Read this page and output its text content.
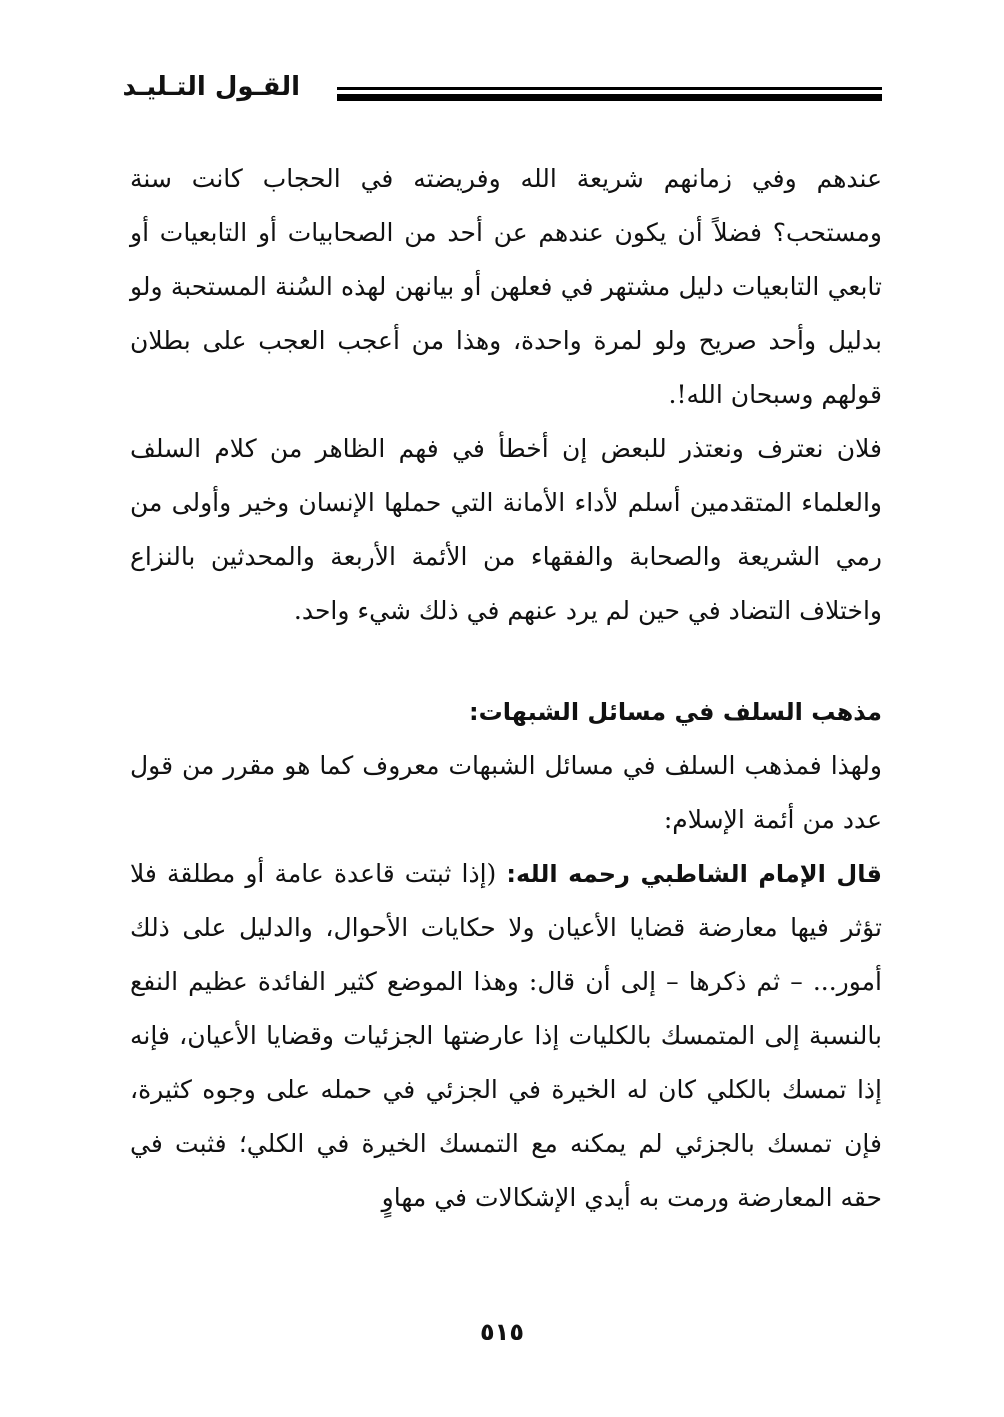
القـول التـليـد

عندهم وفي زمانهم شريعة الله وفريضته في الحجاب كانت سنة ومستحب؟ فضلاً أن يكون عندهم عن أحد من الصحابيات أو التابعيات أو تابعي التابعيات دليل مشتهر في فعلهن أو بيانهن لهذه السُنة المستحبة ولو بدليل وأحد صريح ولو لمرة واحدة، وهذا من أعجب العجب على بطلان قولهم وسبحان الله!.

فلان نعترف ونعتذر للبعض إن أخطأ في فهم الظاهر من كلام السلف والعلماء المتقدمين أسلم لأداء الأمانة التي حملها الإنسان وخير وأولى من رمي الشريعة والصحابة والفقهاء من الأئمة الأربعة والمحدثين بالنزاع واختلاف التضاد في حين لم يرد عنهم في ذلك شيء واحد.

مذهب السلف في مسائل الشبهات:

ولهذا فمذهب السلف في مسائل الشبهات معروف كما هو مقرر من قول عدد من أئمة الإسلام:

قال الإمام الشاطبي رحمه الله: (إذا ثبتت قاعدة عامة أو مطلقة فلا تؤثر فيها معارضة قضايا الأعيان ولا حكايات الأحوال، والدليل على ذلك أمور... – ثم ذكرها – إلى أن قال: وهذا الموضع كثير الفائدة عظيم النفع بالنسبة إلى المتمسك بالكليات إذا عارضتها الجزئيات وقضايا الأعيان، فإنه إذا تمسك بالكلي كان له الخيرة في الجزئي في حمله على وجوه كثيرة، فإن تمسك بالجزئي لم يمكنه مع التمسك الخيرة في الكلي؛ فثبت في حقه المعارضة ورمت به أيدي الإشكالات في مهاوٍ

٥١٥
